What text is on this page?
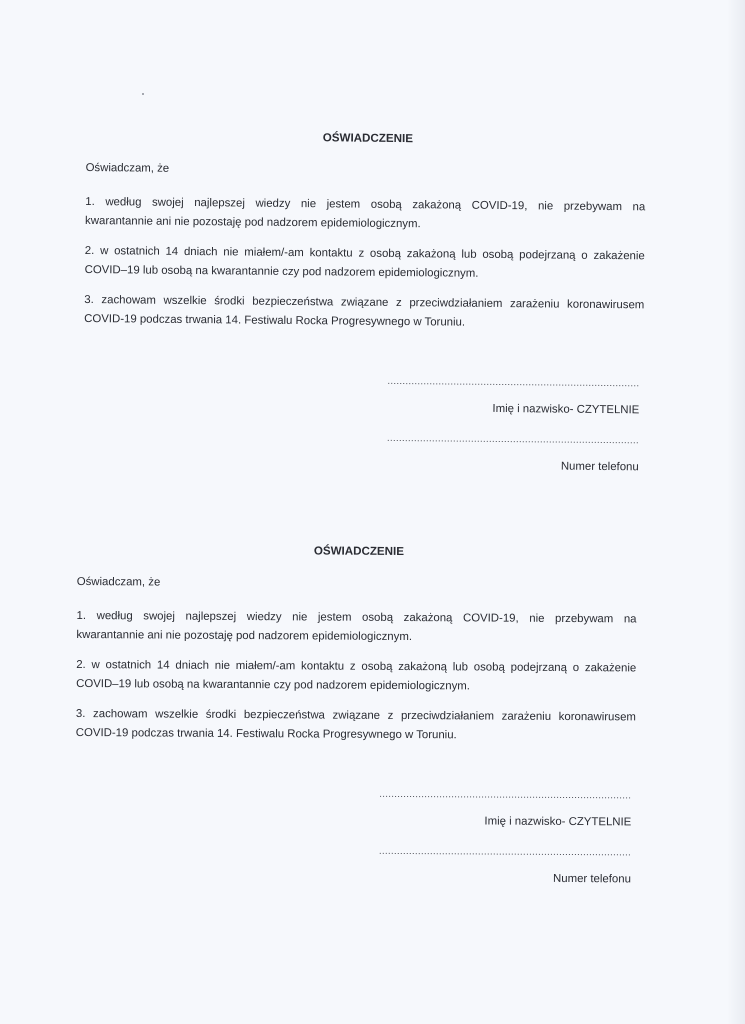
OŚWIADCZENIE
Oświadczam, że
1. według swojej najlepszej wiedzy nie jestem osobą zakażoną COVID-19, nie przebywam na
kwarantannie ani nie pozostaję pod nadzorem epidemiologicznym.
2. w ostatnich 14 dniach nie miałem/-am kontaktu z osobą zakażoną lub osobą podejrzaną o zakażenie
COVID–19 lub osobą na kwarantannie czy pod nadzorem epidemiologicznym.
3. zachowam wszelkie środki bezpieczeństwa związane z przeciwdziałaniem zarażeniu koronawirusem
COVID-19 podczas trwania 14. Festiwalu Rocka Progresywnego w Toruniu.
....................................................................................
Imię i nazwisko- CZYTELNIE
....................................................................................
Numer telefonu
OŚWIADCZENIE
Oświadczam, że
1. według swojej najlepszej wiedzy nie jestem osobą zakażoną COVID-19, nie przebywam na
kwarantannie ani nie pozostaję pod nadzorem epidemiologicznym.
2. w ostatnich 14 dniach nie miałem/-am kontaktu z osobą zakażoną lub osobą podejrzaną o zakażenie
COVID–19 lub osobą na kwarantannie czy pod nadzorem epidemiologicznym.
3. zachowam wszelkie środki bezpieczeństwa związane z przeciwdziałaniem zarażeniu koronawirusem
COVID-19 podczas trwania 14. Festiwalu Rocka Progresywnego w Toruniu.
....................................................................................
Imię i nazwisko- CZYTELNIE
....................................................................................
Numer telefonu
